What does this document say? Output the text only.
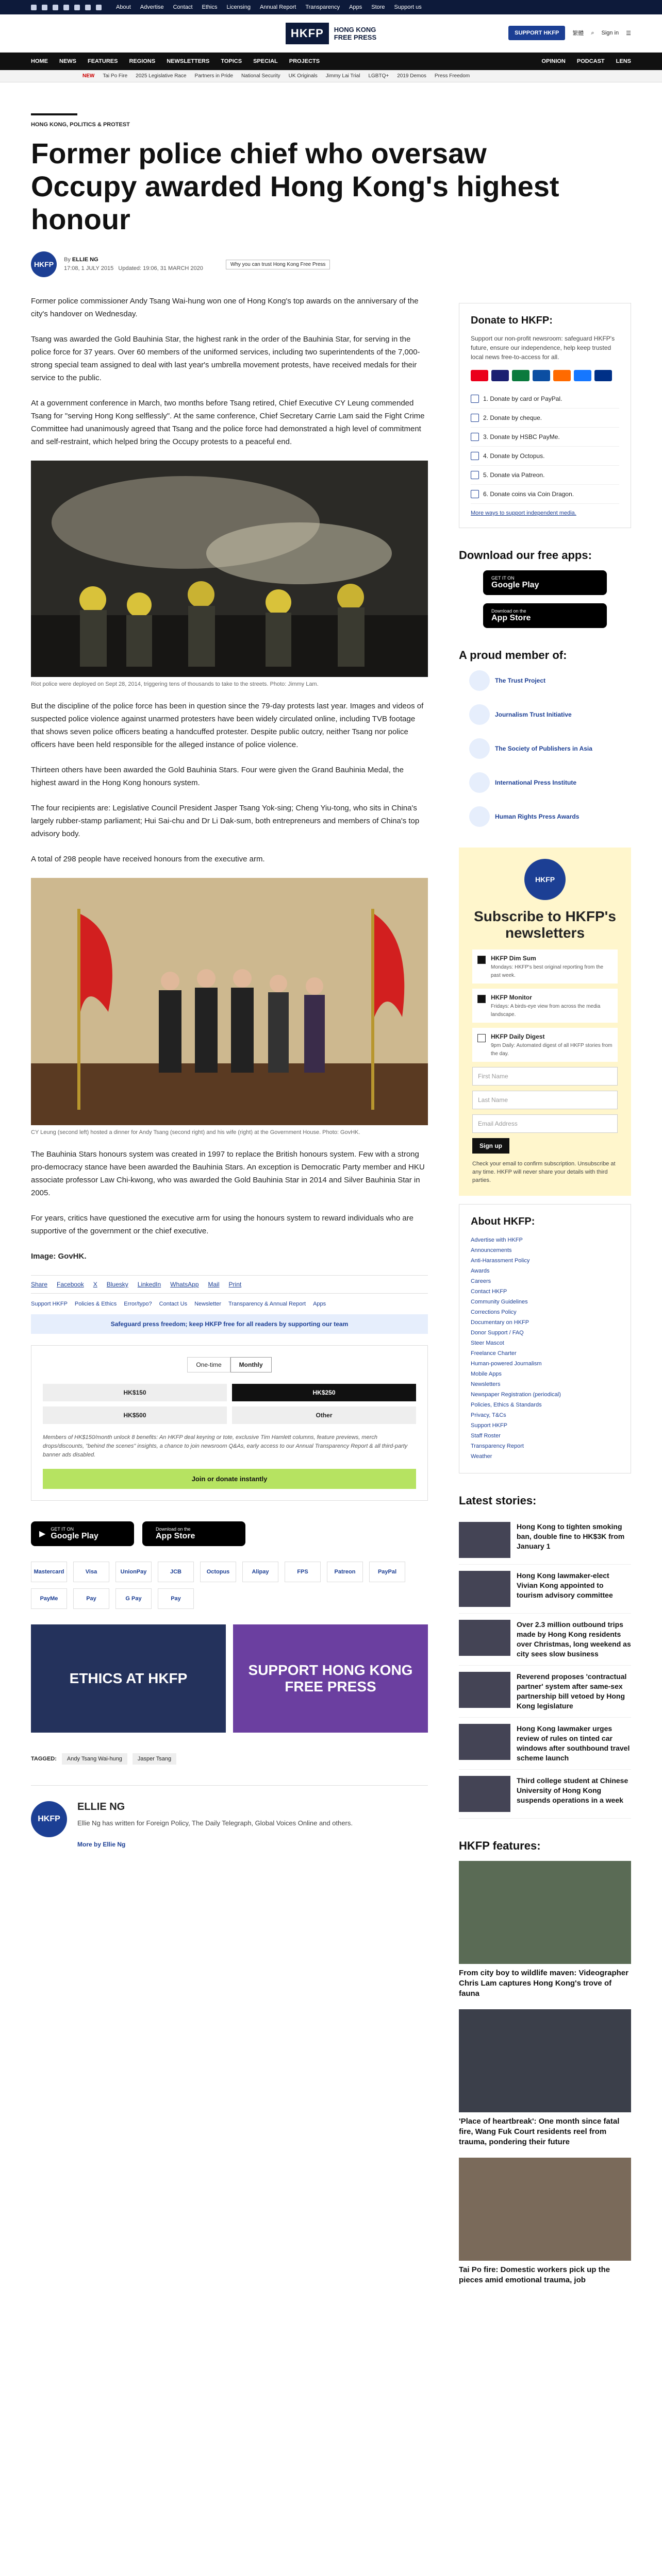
About Advertise Contact Ethics Licensing Annual Report Transparency Apps Store Support us
HKFP	HONG KONG
FREE PRESS
SUPPORT HKFP	繁體 ⌕ Sign in ☰
HOME NEWS FEATURES REGIONS NEWSLETTERS TOPICS SPECIAL PROJECTS	OPINION PODCAST LENS
NEW Tai Po Fire 2025 Legislative Race Partners in Pride National Security UK Originals Jimmy Lai Trial LGBTQ+ 2019 Demos Press Freedom
HONG KONG, POLITICS & PROTEST
Former police chief who oversaw Occupy awarded Hong Kong's highest honour
HKFP
By ELLIE NG
17:08, 1 JULY 2015 Updated: 19:06, 31 MARCH 2020
Why you can trust Hong Kong Free Press

Former police commissioner Andy Tsang Wai-hung won one of Hong Kong's top awards on the anniversary of the city's handover on Wednesday.

Tsang was awarded the Gold Bauhinia Star, the highest rank in the order of the Bauhinia Star, for serving in the police force for 37 years. Over 60 members of the uniformed services, including two superintendents of the 7,000-strong special team assigned to deal with last year's umbrella movement protests, have received medals for their service to the public.

At a government conference in March, two months before Tsang retired, Chief Executive CY Leung commended Tsang for "serving Hong Kong selflessly". At the same conference, Chief Secretary Carrie Lam said the Fight Crime Committee had unanimously agreed that Tsang and the police force had demonstrated a high level of commitment and self-restraint, which helped bring the Occupy protests to a peaceful end.

Riot police were deployed on Sept 28, 2014, triggering tens of thousands to take to the streets. Photo: Jimmy Lam.

But the discipline of the police force has been in question since the 79-day protests last year. Images and videos of suspected police violence against unarmed protesters have been widely circulated online, including TVB footage that shows seven police officers beating a handcuffed protester. Despite public outcry, neither Tsang nor police officers have been held responsible for the alleged instance of police violence.

Thirteen others have been awarded the Gold Bauhinia Stars. Four were given the Grand Bauhinia Medal, the highest award in the Hong Kong honours system.

The four recipients are: Legislative Council President Jasper Tsang Yok-sing; Cheng Yiu-tong, who sits in China's largely rubber-stamp parliament; Hui Sai-chu and Dr Li Dak-sum, both entrepreneurs and members of China's top advisory body.

A total of 298 people have received honours from the executive arm.

CY Leung (second left) hosted a dinner for Andy Tsang (second right) and his wife (right) at the Government House. Photo: GovHK.

The Bauhinia Stars honours system was created in 1997 to replace the British honours system. Few with a strong pro-democracy stance have been awarded the Bauhinia Stars. An exception is Democratic Party member and HKU associate professor Law Chi-kwong, who was awarded the Gold Bauhinia Star in 2014 and Silver Bauhinia Star in 2005.

For years, critics have questioned the executive arm for using the honours system to reward individuals who are supportive of the government or the chief executive.

Image: GovHK.

Share Facebook X Bluesky LinkedIn WhatsApp Mail Print
Support HKFP Policies & Ethics Error/typo? Contact Us Newsletter Transparency & Annual Report Apps
Safeguard press freedom; keep HKFP free for all readers by supporting our team
One-time	Monthly
HK$150	HK$250
HK$500	Other
Members of HK$150/month unlock 8 benefits: An HKFP deal keyring or tote, exclusive Tim Hamlett columns, feature previews, merch drops/discounts, "behind the scenes" insights, a chance to join newsroom Q&As, early access to our Annual Transparency Report & all third-party banner ads disabled.
Join or donate instantly
▶
GET IT ON
Google Play
Download on the
App Store
Mastercard	Visa	UnionPay	JCB	Octopus	Alipay	FPS	Patreon	PayPal
PayMe	Pay	G Pay	Pay
ETHICS AT HKFP
SUPPORT HONG KONG FREE PRESS
TAGGED:	Andy Tsang Wai-hung	Jasper Tsang
HKFP
ELLIE NG

Ellie Ng has written for Foreign Policy, The Daily Telegraph, Global Voices Online and others.

More by Ellie Ng
Donate to HKFP:
Support our non-profit newsroom: safeguard HKFP's future, ensure our independence, help keep trusted local news free-to-access for all.
1. Donate by card or PayPal.
2. Donate by cheque.
3. Donate by HSBC PayMe.
4. Donate by Octopus.
5. Donate via Patreon.
6. Donate coins via Coin Dragon.
More ways to support independent media.
Download our free apps:
GET IT ON
Google Play
Download on the
App Store
A proud member of:
The Trust Project
Journalism Trust Initiative
The Society of Publishers in Asia
International Press Institute
Human Rights Press Awards
HKFP
Subscribe to HKFP's newsletters
HKFP Dim Sum
Mondays: HKFP's best original reporting from the past week.
HKFP Monitor
Fridays: A birds-eye view from across the media landscape.
HKFP Daily Digest
9pm Daily: Automated digest of all HKFP stories from the day.
First Name
Last Name
Email Address
Sign up

Check your email to confirm subscription. Unsubscribe at any time. HKFP will never share your details with third parties.

About HKFP:
Advertise with HKFP
Announcements
Anti-Harassment Policy
Awards
Careers
Contact HKFP
Community Guidelines
Corrections Policy
Documentary on HKFP
Donor Support / FAQ
Steer Mascot
Freelance Charter
Human-powered Journalism
Mobile Apps
Newsletters
Newspaper Registration (periodical)
Policies, Ethics & Standards
Privacy, T&Cs
Support HKFP
Staff Roster
Transparency Report
Weather
Latest stories:
Hong Kong to tighten smoking ban, double fine to HK$3K from January 1
Hong Kong lawmaker-elect Vivian Kong appointed to tourism advisory committee
Over 2.3 million outbound trips made by Hong Kong residents over Christmas, long weekend as city sees slow business
Reverend proposes 'contractual partner' system after same-sex partnership bill vetoed by Hong Kong legislature
Hong Kong lawmaker urges review of rules on tinted car windows after southbound travel scheme launch
Third college student at Chinese University of Hong Kong suspends operations in a week
HKFP features:
From city boy to wildlife maven: Videographer Chris Lam captures Hong Kong's trove of fauna
'Place of heartbreak': One month since fatal fire, Wang Fuk Court residents reel from trauma, pondering their future
Tai Po fire: Domestic workers pick up the pieces amid emotional trauma, job
